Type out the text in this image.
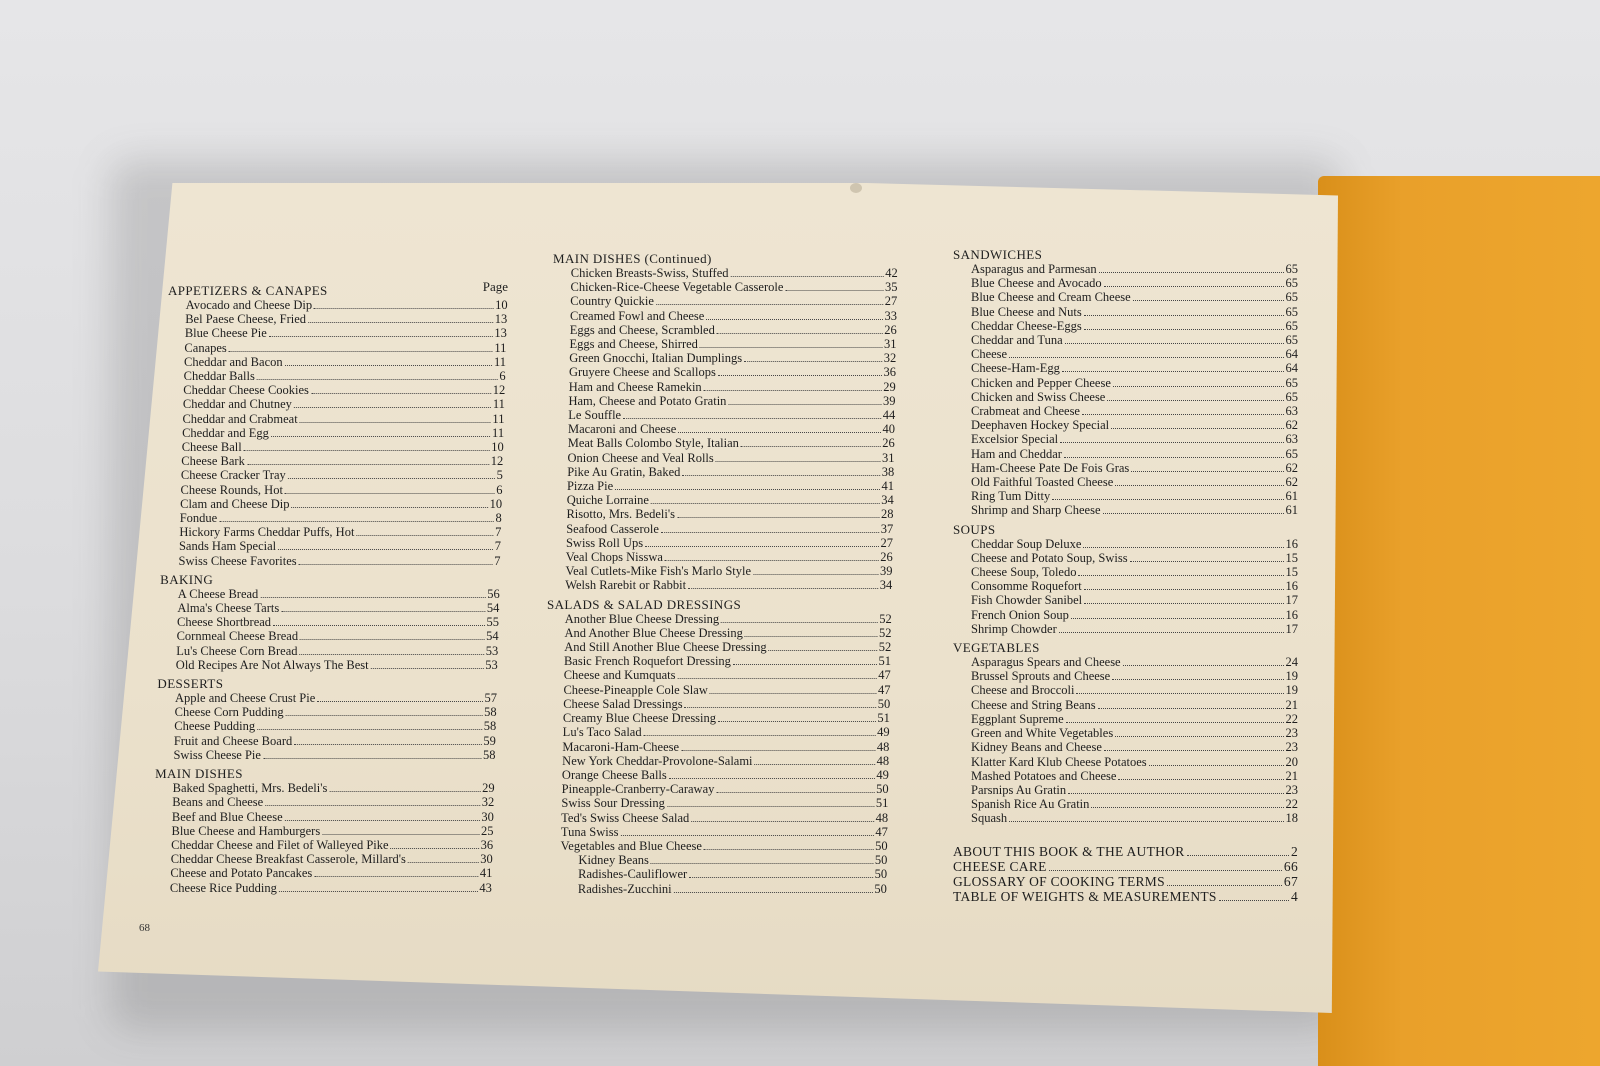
APPETIZERS & CANAPES	Page
Avocado and Cheese Dip	10
Bel Paese Cheese, Fried	13
Blue Cheese Pie	13
Canapes	11
Cheddar and Bacon	11
Cheddar Balls	6
Cheddar Cheese Cookies	12
Cheddar and Chutney	11
Cheddar and Crabmeat	11
Cheddar and Egg	11
Cheese Ball	10
Cheese Bark	12
Cheese Cracker Tray	5
Cheese Rounds, Hot	6
Clam and Cheese Dip	10
Fondue	8
Hickory Farms Cheddar Puffs, Hot	7
Sands Ham Special	7
Swiss Cheese Favorites	7
BAKING
A Cheese Bread	56
Alma's Cheese Tarts	54
Cheese Shortbread	55
Cornmeal Cheese Bread	54
Lu's Cheese Corn Bread	53
Old Recipes Are Not Always The Best	53
DESSERTS
Apple and Cheese Crust Pie	57
Cheese Corn Pudding	58
Cheese Pudding	58
Fruit and Cheese Board	59
Swiss Cheese Pie	58
MAIN DISHES
Baked Spaghetti, Mrs. Bedeli's	29
Beans and Cheese	32
Beef and Blue Cheese	30
Blue Cheese and Hamburgers	25
Cheddar Cheese and Filet of Walleyed Pike	36
Cheddar Cheese Breakfast Casserole, Millard's	30
Cheese and Potato Pancakes	41
Cheese Rice Pudding	43
MAIN DISHES (Continued)
Chicken Breasts-Swiss, Stuffed	42
Chicken-Rice-Cheese Vegetable Casserole	35
Country Quickie	27
Creamed Fowl and Cheese	33
Eggs and Cheese, Scrambled	26
Eggs and Cheese, Shirred	31
Green Gnocchi, Italian Dumplings	32
Gruyere Cheese and Scallops	36
Ham and Cheese Ramekin	29
Ham, Cheese and Potato Gratin	39
Le Souffle	44
Macaroni and Cheese	40
Meat Balls Colombo Style, Italian	26
Onion Cheese and Veal Rolls	31
Pike Au Gratin, Baked	38
Pizza Pie	41
Quiche Lorraine	34
Risotto, Mrs. Bedeli's	28
Seafood Casserole	37
Swiss Roll Ups	27
Veal Chops Nisswa	26
Veal Cutlets-Mike Fish's Marlo Style	39
Welsh Rarebit or Rabbit	34
SALADS & SALAD DRESSINGS
Another Blue Cheese Dressing	52
And Another Blue Cheese Dressing	52
And Still Another Blue Cheese Dressing	52
Basic French Roquefort Dressing	51
Cheese and Kumquats	47
Cheese-Pineapple Cole Slaw	47
Cheese Salad Dressings	50
Creamy Blue Cheese Dressing	51
Lu's Taco Salad	49
Macaroni-Ham-Cheese	48
New York Cheddar-Provolone-Salami	48
Orange Cheese Balls	49
Pineapple-Cranberry-Caraway	50
Swiss Sour Dressing	51
Ted's Swiss Cheese Salad	48
Tuna Swiss	47
Vegetables and Blue Cheese	50
Kidney Beans	50
Radishes-Cauliflower	50
Radishes-Zucchini	50
SANDWICHES
Asparagus and Parmesan	65
Blue Cheese and Avocado	65
Blue Cheese and Cream Cheese	65
Blue Cheese and Nuts	65
Cheddar Cheese-Eggs	65
Cheddar and Tuna	65
Cheese	64
Cheese-Ham-Egg	64
Chicken and Pepper Cheese	65
Chicken and Swiss Cheese	65
Crabmeat and Cheese	63
Deephaven Hockey Special	62
Excelsior Special	63
Ham and Cheddar	65
Ham-Cheese Pate De Fois Gras	62
Old Faithful Toasted Cheese	62
Ring Tum Ditty	61
Shrimp and Sharp Cheese	61
SOUPS
Cheddar Soup Deluxe	16
Cheese and Potato Soup, Swiss	15
Cheese Soup, Toledo	15
Consomme Roquefort	16
Fish Chowder Sanibel	17
French Onion Soup	16
Shrimp Chowder	17
VEGETABLES
Asparagus Spears and Cheese	24
Brussel Sprouts and Cheese	19
Cheese and Broccoli	19
Cheese and String Beans	21
Eggplant Supreme	22
Green and White Vegetables	23
Kidney Beans and Cheese	23
Klatter Kard Klub Cheese Potatoes	20
Mashed Potatoes and Cheese	21
Parsnips Au Gratin	23
Spanish Rice Au Gratin	22
Squash	18
ABOUT THIS BOOK & THE AUTHOR	2
CHEESE CARE	66
GLOSSARY OF COOKING TERMS	67
TABLE OF WEIGHTS & MEASUREMENTS	4
68
